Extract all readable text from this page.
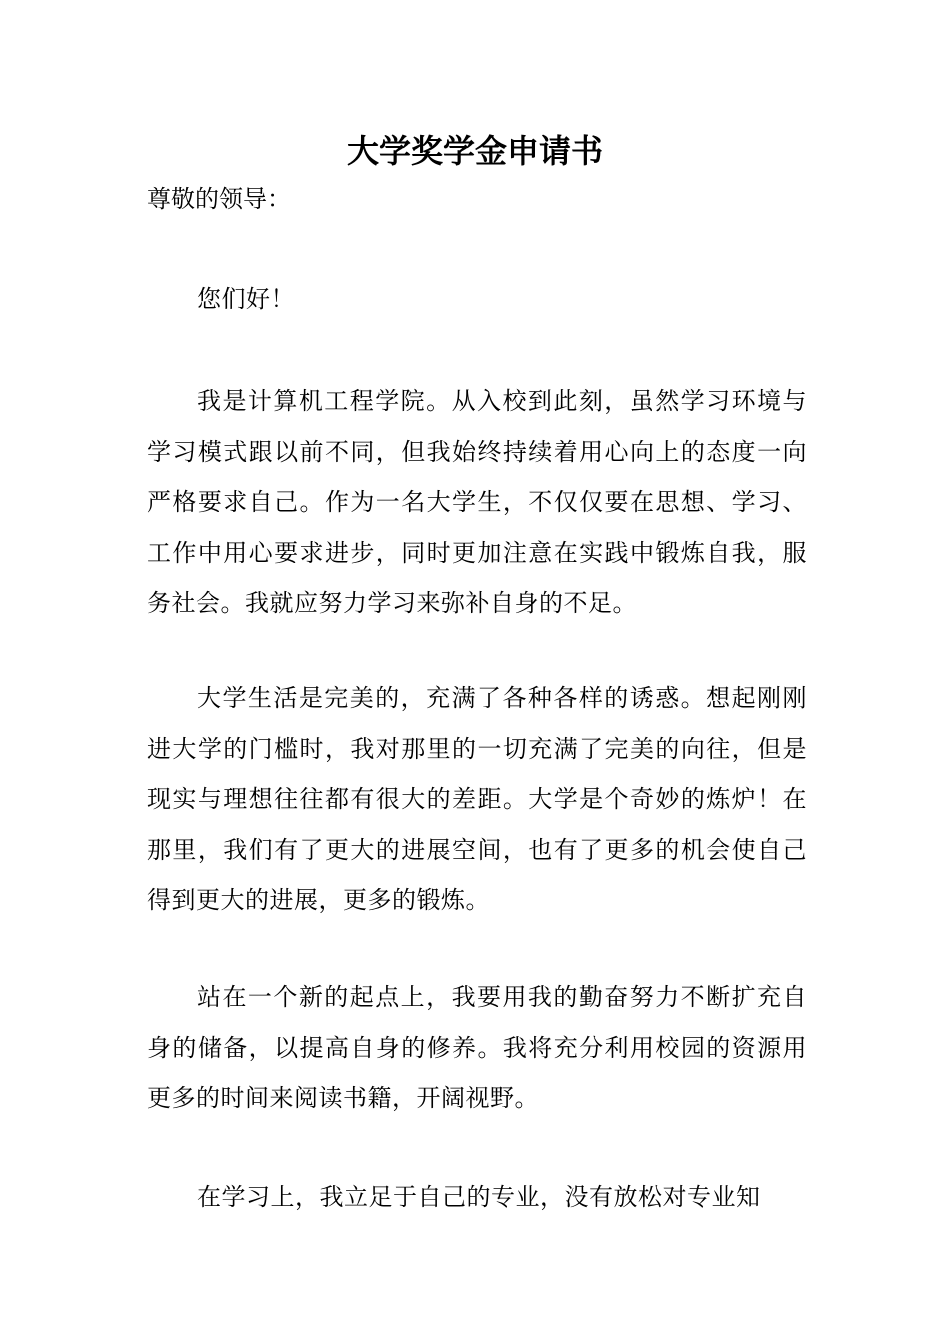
大学奖学金申请书

尊敬的领导：

您们好！

我是计算机工程学院。从入校到此刻，虽然学习环境与学习模式跟以前不同，但我始终持续着用心向上的态度一向严格要求自己。作为一名大学生，不仅仅要在思想、学习、工作中用心要求进步，同时更加注意在实践中锻炼自我，服务社会。我就应努力学习来弥补自身的不足。

大学生活是完美的，充满了各种各样的诱惑。想起刚刚进大学的门槛时，我对那里的一切充满了完美的向往，但是现实与理想往往都有很大的差距。大学是个奇妙的炼炉！在那里，我们有了更大的进展空间，也有了更多的机会使自己得到更大的进展，更多的锻炼。

站在一个新的起点上，我要用我的勤奋努力不断扩充自身的储备，以提高自身的修养。我将充分利用校园的资源用更多的时间来阅读书籍，开阔视野。

在学习上，我立足于自己的专业，没有放松对专业知
